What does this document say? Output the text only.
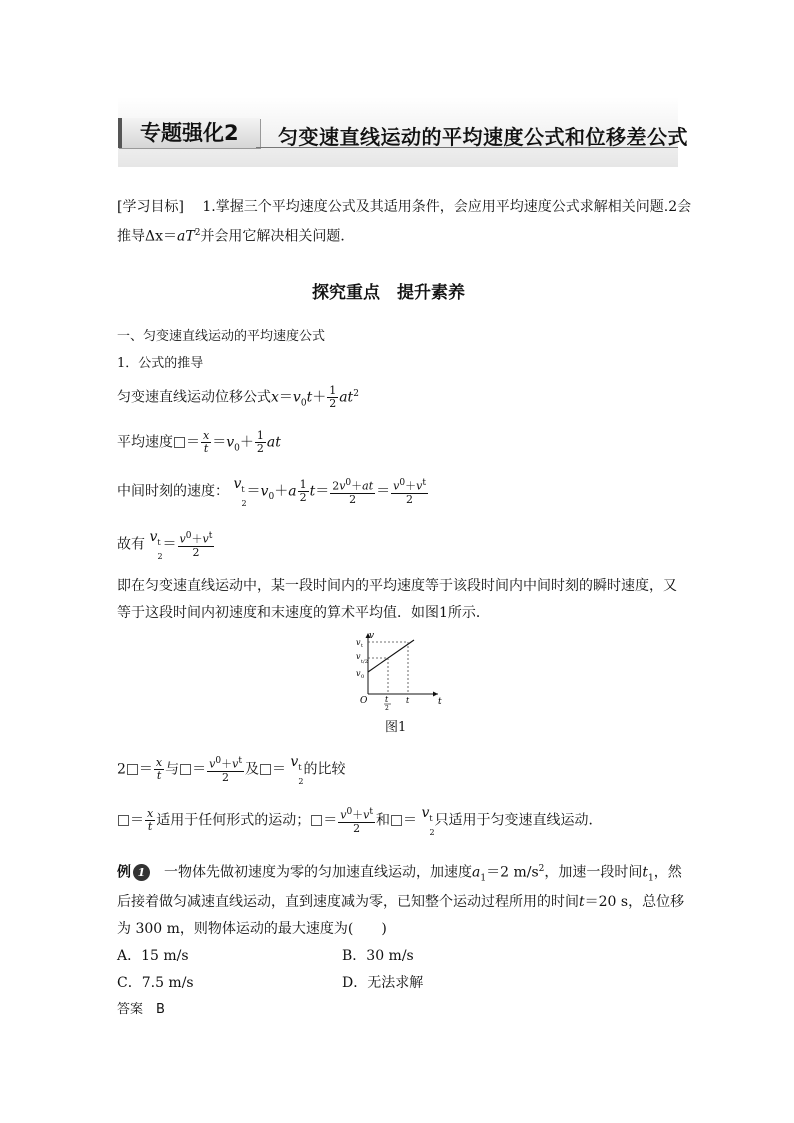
专题强化2 匀变速直线运动的平均速度公式和位移差公式
[学习目标]　 1.掌握三个平均速度公式及其适用条件，会应用平均速度公式求解相关问题.2会
推导$\Delta x=aT^2$并会用它解决相关问题．
探究重点　提升素养
一、匀变速直线运动的平均速度公式
1．公式的推导
匀变速直线运动位移公式$x=v_0t+ \frac{1}{2} at^2$
平均速度 ＝ $\frac{x}{t} =v_0+ \frac{1}{2}$ at
中间时刻的速度： $v_t$
2
$=v_0+a \frac{1}{2} t= \frac{2v^0+at}{2} = \frac{v^0+v^t}{2}$
故有 $v_t$
2
＝ $\frac{v^0+v^t}{2}$
即在匀变速直线运动中，某一段时间内的平均速度等于该段时间内中间时刻的瞬时速度，又
等于这段时间内初速度和末速度的算术平均值．如图1所示．
v
t
O
v t
v
t/2
v 0
t
2
t
图1
$2 = \frac{x}{t}$ 与 ＝ $\frac{v^0+v^t}{2}$ 及 ＝ $v_t$
2
的比较
＝ $\frac{x}{t}$ 适用于任何形式的运动； ＝ $\frac{v^0+v^t}{2}$ 和 ＝ $v_t$
2
只适用于匀变速直线运动．
例 1　 一物体先做初速度为零的匀加速直线运动，加速度$a_1=2$ $m/s^2$，加速一段时间$t_1$，然
后接着做匀减速直线运动，直到速度减为零，已知整个运动过程所用的时间t＝20 s，总位移
为 300 m，则物体运动的最大速度为(　　)
A．15 m/s	B．30 m/s
C．7.5 m/s	D．无法求解
答案　B
